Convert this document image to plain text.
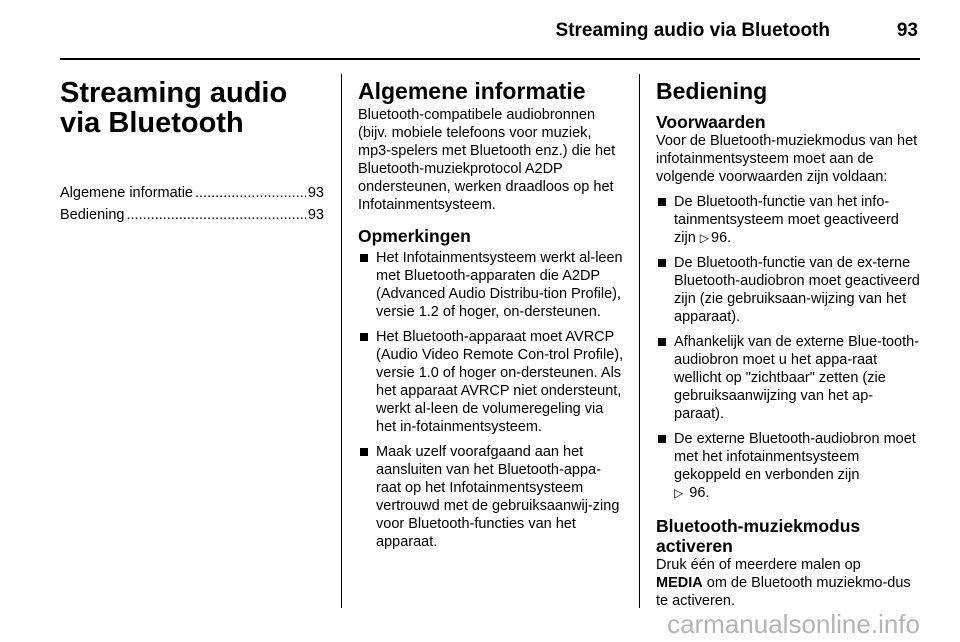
Streaming audio via Bluetooth	93
Streaming audio via Bluetooth
Algemene informatie .....	93
Bediening .....	93
Algemene informatie

Bluetooth-compatibele audiobronnen (bijv. mobiele telefoons voor muziek, mp3-spelers met Bluetooth enz.) die het Bluetooth-muziekprotocol A2DP ondersteunen, werken draadloos op het Infotainmentsysteem.

Opmerkingen
Het Infotainmentsysteem werkt al-leen met Bluetooth-apparaten die A2DP (Advanced Audio Distribu-tion Profile), versie 1.2 of hoger, on-dersteunen.
Het Bluetooth-apparaat moet AVRCP (Audio Video Remote Con-trol Profile), versie 1.0 of hoger on-dersteunen. Als het apparaat AVRCP niet ondersteunt, werkt al-leen de volumeregeling via het in-fotainmentsysteem.
Maak uzelf voorafgaand aan het aansluiten van het Bluetooth-appa-raat op het Infotainmentsysteem vertrouwd met de gebruiksaanwij-zing voor Bluetooth-functies van het apparaat.
Bediening
Voorwaarden

Voor de Bluetooth-muziekmodus van het infotainmentsysteem moet aan de volgende voorwaarden zijn voldaan:

De Bluetooth-functie van het info-tainmentsysteem moet geactiveerd zijn ▷ 96.
De Bluetooth-functie van de ex-terne Bluetooth-audiobron moet geactiveerd zijn (zie gebruiksaan-wijzing van het apparaat).
Afhankelijk van de externe Blue-tooth-audiobron moet u het appa-raat wellicht op "zichtbaar" zetten (zie gebruiksaanwijzing van het ap-paraat).
De externe Bluetooth-audiobron moet met het infotainmentsysteem gekoppeld en verbonden zijn
▷ 96.
Bluetooth-muziekmodus activeren

Druk één of meerdere malen op
MEDIA om de Bluetooth muziekmo-dus te activeren.

carmanualsonline.info
